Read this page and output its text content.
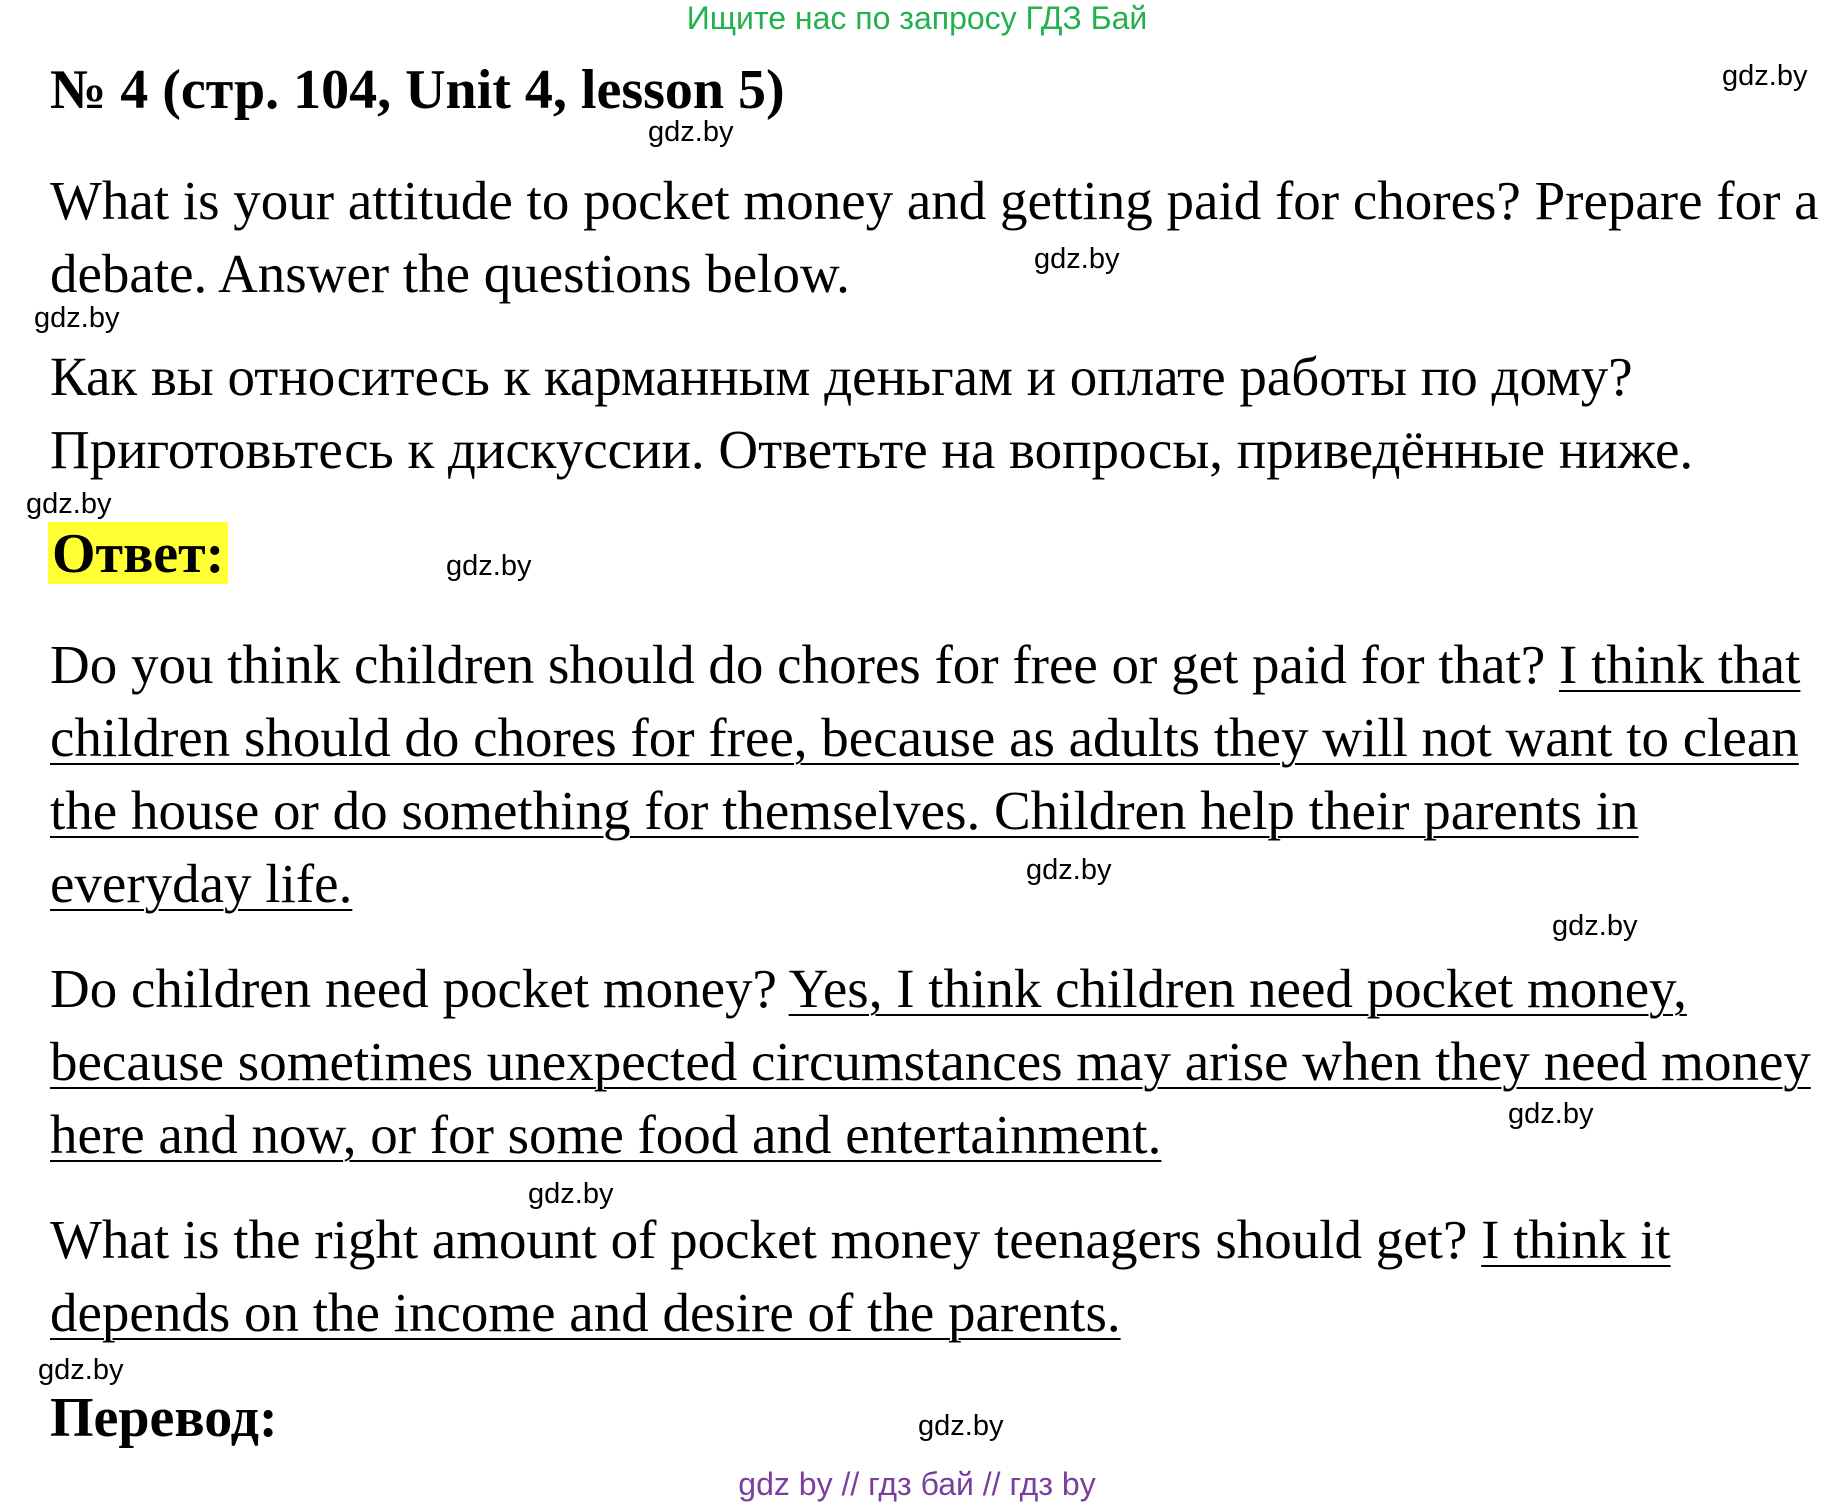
Ищите нас по запросу ГДЗ Бай
№ 4 (стр. 104, Unit 4, lesson 5)	gdz.by
gdz.by

What is your attitude to pocket money and getting paid for chores? Prepare for a debate. Answer the questions below.	gdz.by
gdz.by

Как вы относитесь к карманным деньгам и оплате работы по дому? Приготовьтесь к дискуссии. Ответьте на вопросы, приведённые ниже.

gdz.by
Ответ:	gdz.by

Do you think children should do chores for free or get paid for that? I think that children should do chores for free, because as adults they will not want to clean the house or do something for themselves. Children help their parents in everyday life.	gdz.by
gdz.by

Do children need pocket money? Yes, I think children need pocket money, because sometimes unexpected circumstances may arise when they need money here and now, or for some food and entertainment.	gdz.by
gdz.by

What is the right amount of pocket money teenagers should get? I think it depends on the income and desire of the parents.

gdz.by
Перевод:	gdz.by
gdz by // гдз бай // гдз by
